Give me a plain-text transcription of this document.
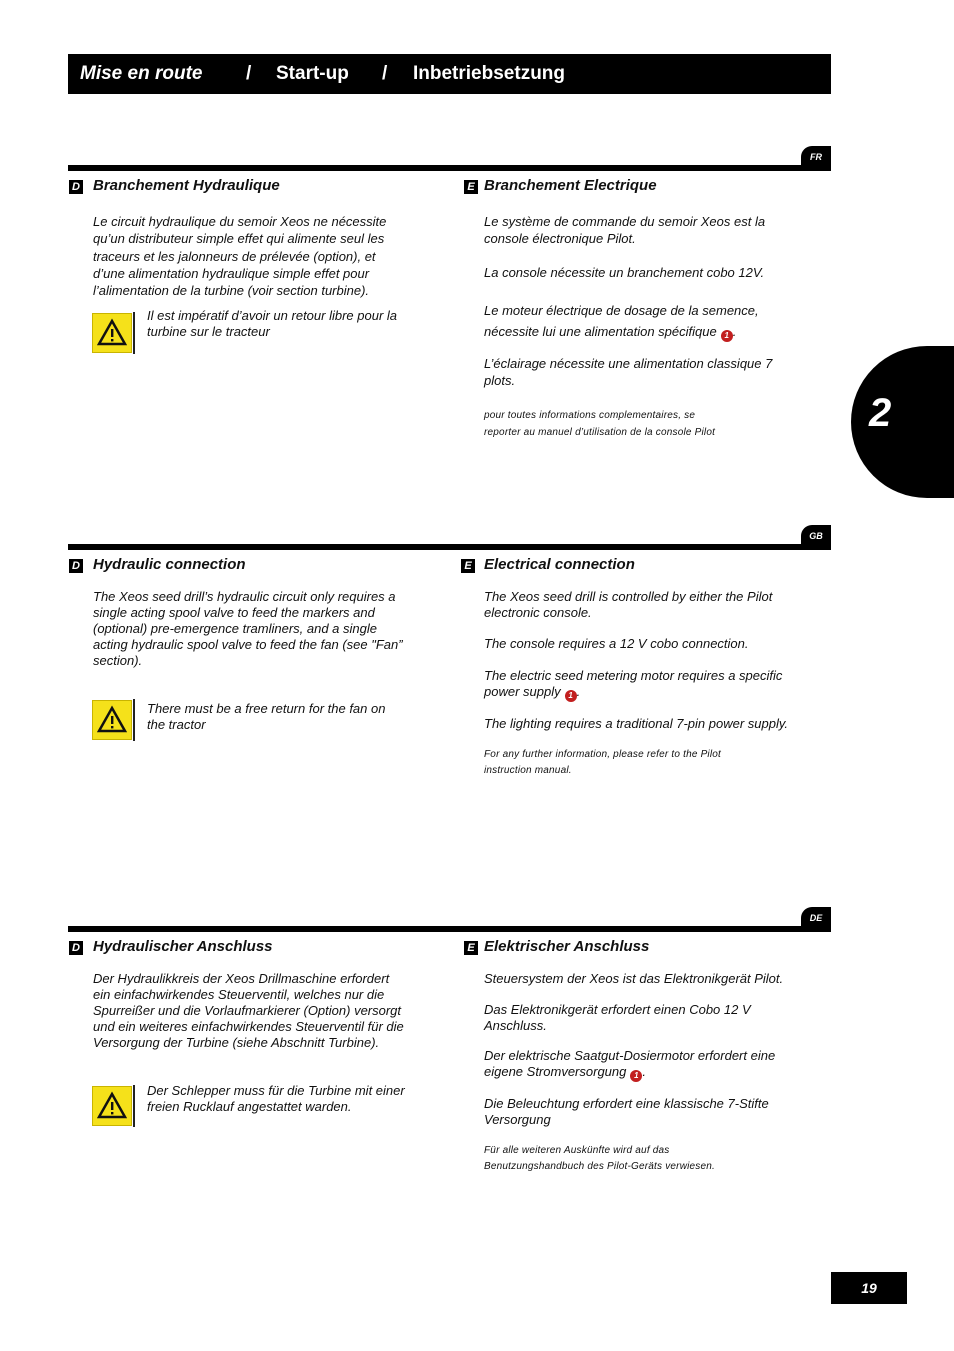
Mise en route / Start-up / Inbetriebsetzung
2
FR
D Branchement Hydraulique
Le circuit hydraulique du semoir Xeos ne nécessite
qu’un distributeur simple effet qui alimente seul les
traceurs et les jalonneurs de prélevée (option), et
d’une alimentation hydraulique simple effet pour
l’alimentation de la turbine (voir section turbine).
Il est impératif d’avoir un retour libre pour la
turbine sur le tracteur
E Branchement Electrique
Le système de commande du semoir Xeos est la
console électronique Pilot.
La console nécessite un branchement cobo 12V.
Le moteur électrique de dosage de la semence,
nécessite lui une alimentation spécifique 1 .
L’éclairage nécessite une alimentation classique 7
plots.
pour toutes informations complementaires, se
reporter au manuel d’utilisation de la console Pilot
GB
D Hydraulic connection
The Xeos seed drill’s hydraulic circuit only requires a
single acting spool valve to feed the markers and
(optional) pre-emergence tramliners, and a single
acting hydraulic spool valve to feed the fan (see "Fan”
section).
There must be a free return for the fan on
the tractor
E Electrical connection
The Xeos seed drill is controlled by either the Pilot
electronic console.
The console requires a 12 V cobo connection.
The electric seed metering motor requires a specific
power supply 1 .
The lighting requires a traditional 7-pin power supply.
For any further information, please refer to the Pilot
instruction manual.
DE
D Hydraulischer Anschluss
Der Hydraulikkreis der Xeos Drillmaschine erfordert
ein einfachwirkendes Steuerventil, welches nur die
Spurreißer und die Vorlaufmarkierer (Option) versorgt
und ein weiteres einfachwirkendes Steuerventil für die
Versorgung der Turbine (siehe Abschnitt Turbine).
Der Schlepper muss für die Turbine mit einer
freien Rucklauf angestattet warden.
E Elektrischer Anschluss
Steuersystem der Xeos ist das Elektronikgerät Pilot.
Das Elektronikgerät erfordert einen Cobo 12 V
Anschluss.
Der elektrische Saatgut-Dosiermotor erfordert eine
eigene Stromversorgung 1 .
Die Beleuchtung erfordert eine klassische 7-Stifte
Versorgung
Für alle weiteren Auskünfte wird auf das
Benutzungshandbuch des Pilot-Geräts verwiesen.
19
